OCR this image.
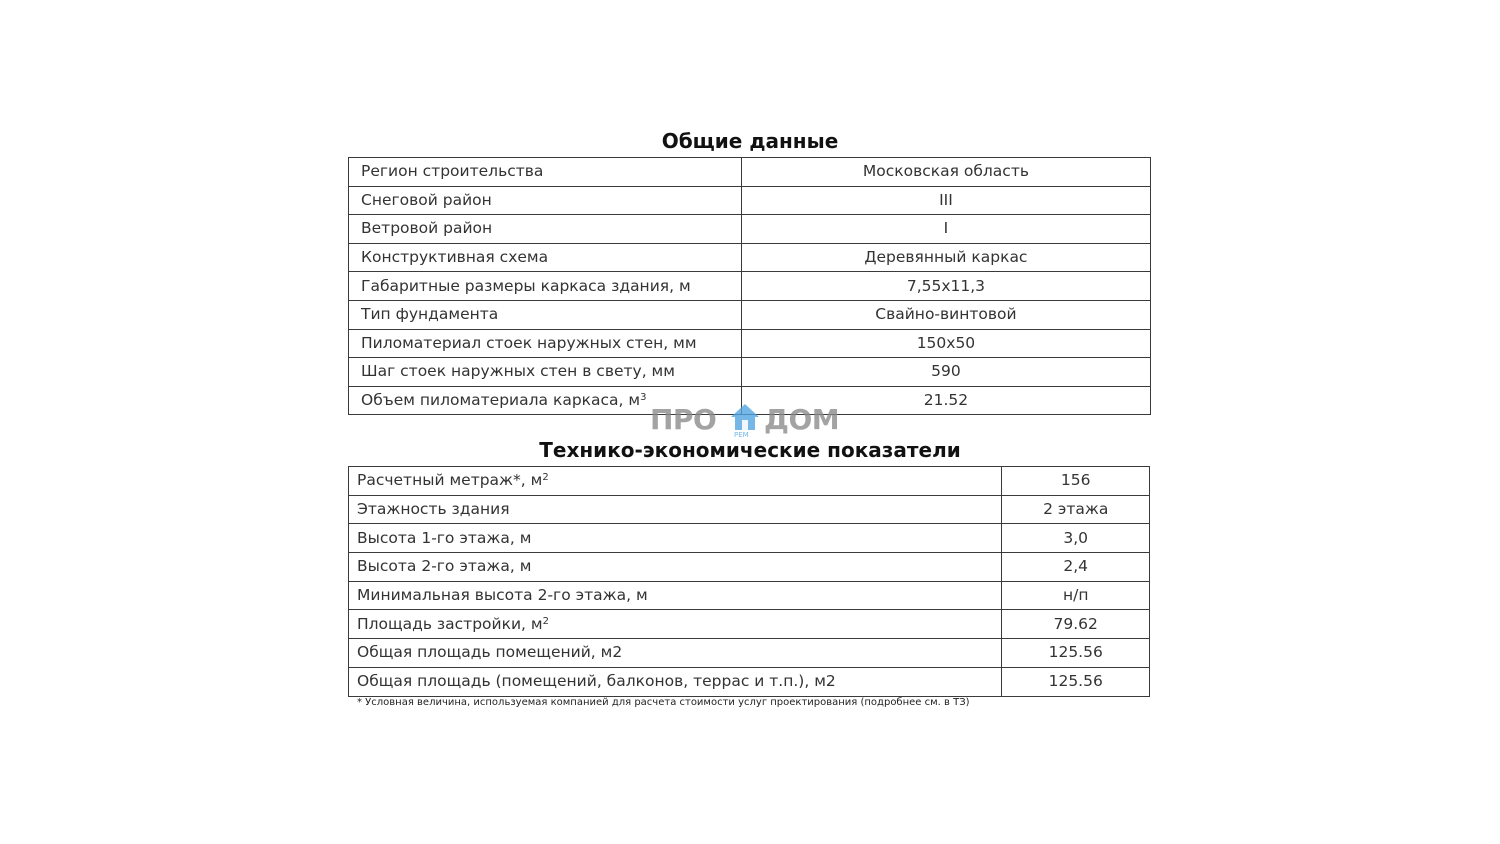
Общие данные
Регион строительства	Московская область
Снеговой район	III
Ветровой район	I
Конструктивная схема	Деревянный каркас
Габаритные размеры каркаса здания, м	7,55х11,3
Тип фундамента	Свайно-винтовой
Пиломатериал стоек наружных стен, мм	150х50
Шаг стоек наружных стен в свету, мм	590
Объем пиломатериала каркаса, $м^3$	21.52
ПРО	РЕМ ДОМ
Технико-экономические показатели
Расчетный метраж*, $м^2$	156
Этажность здания	2 этажа
Высота 1-го этажа, м	3,0
Высота 2-го этажа, м	2,4
Минимальная высота 2-го этажа, м	н/п
Площадь застройки, $м^2$	79.62
Общая площадь помещений, м2	125.56
Общая площадь (помещений, балконов, террас и т.п.), м2	125.56
* Условная величина, используемая компанией для расчета стоимости услуг проектирования (подробнее см. в ТЗ)
